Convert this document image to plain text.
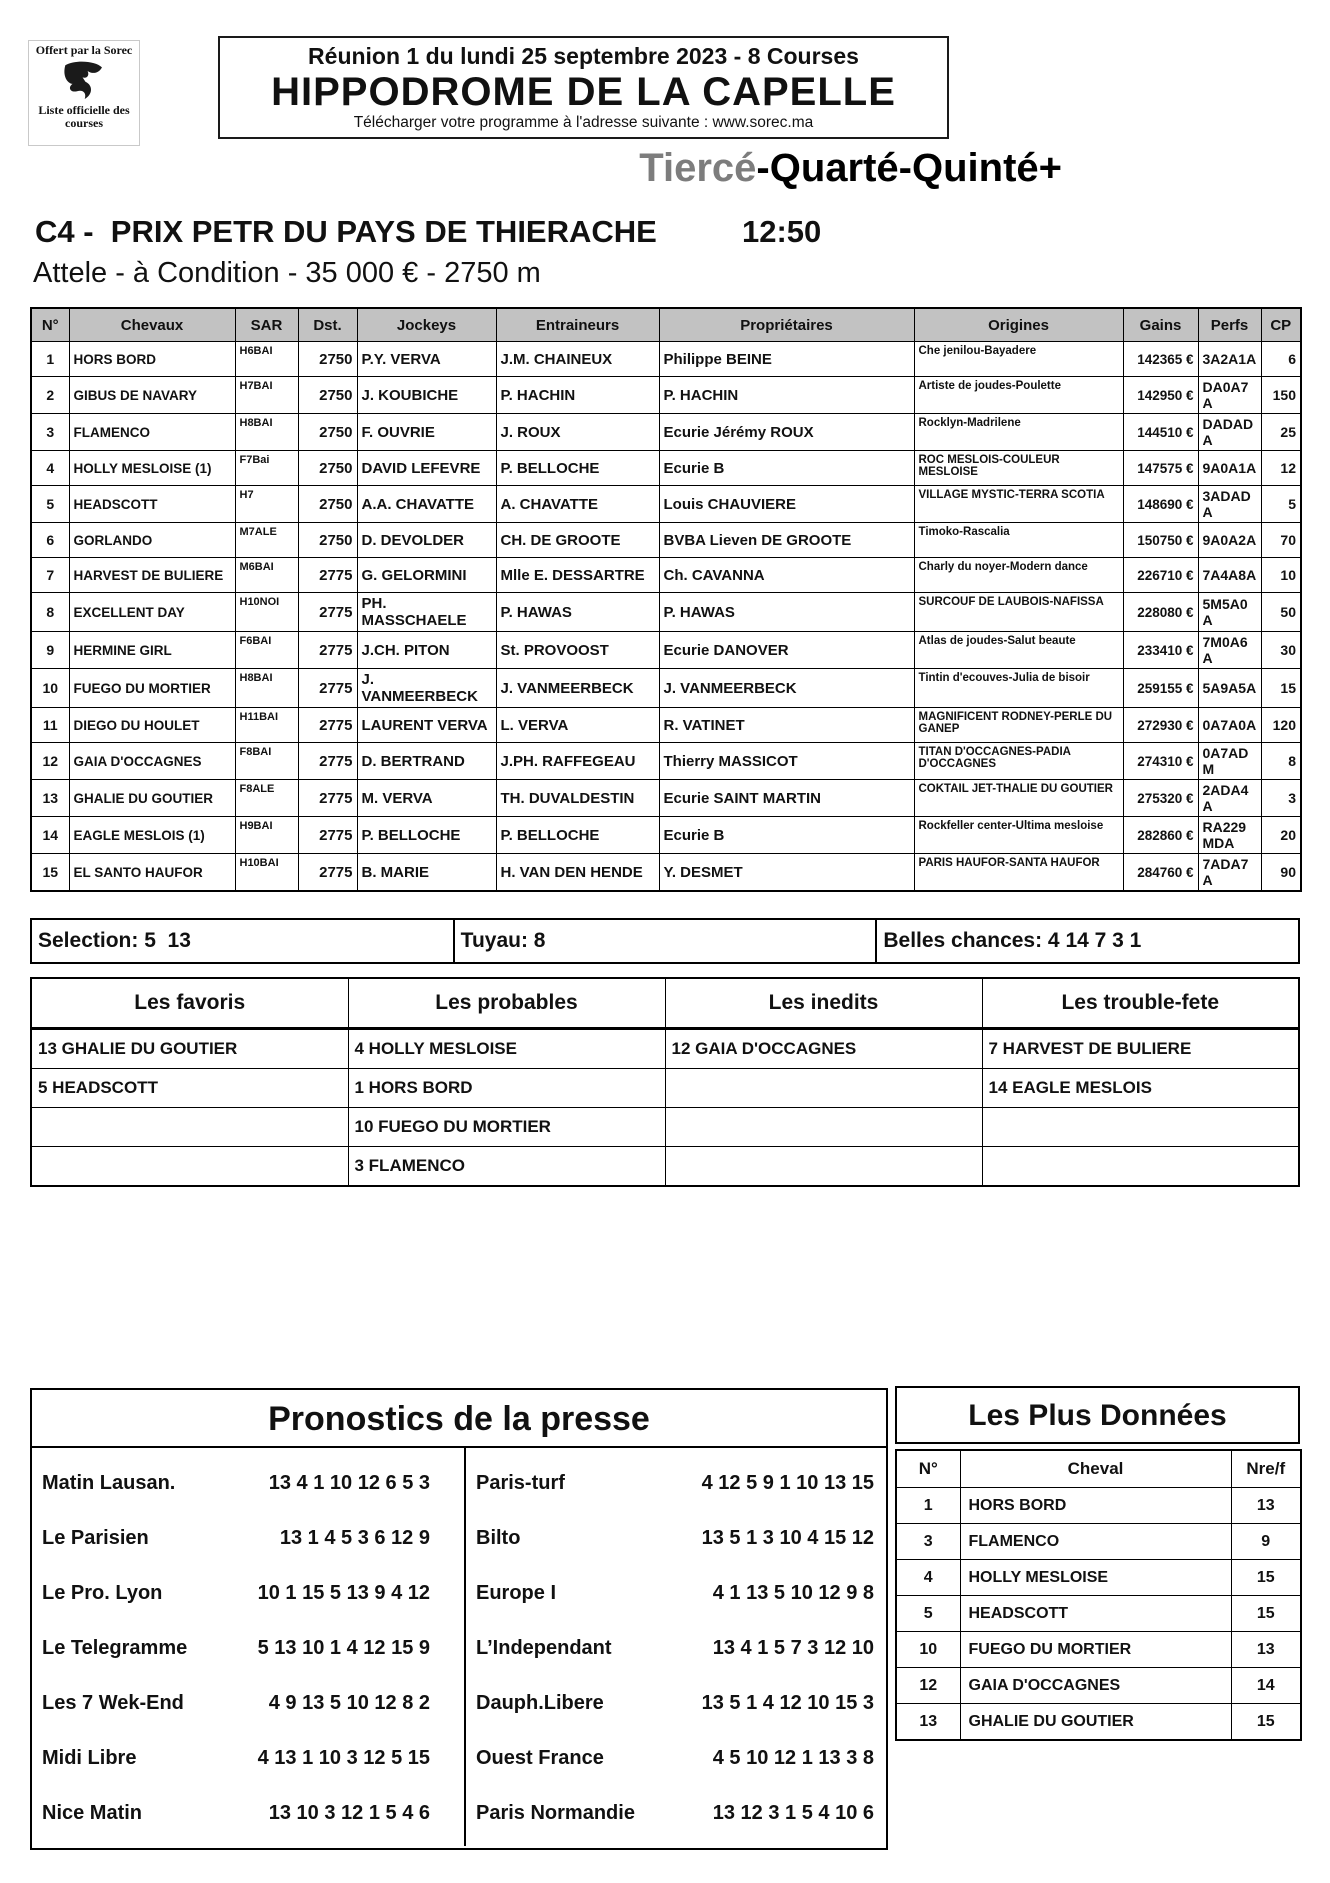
Offert par la Sorec
Liste officielle des courses
Réunion 1 du lundi 25 septembre 2023 - 8 Courses
HIPPODROME DE LA CAPELLE
Télécharger votre programme à l'adresse suivante : www.sorec.ma
Tiercé-Quarté-Quinté+
C4 -  PRIX PETR DU PAYS DE THIERACHE	12:50
Attele - à Condition - 35 000 € - 2750 m
N°	Chevaux	SAR	Dst.	Jockeys	Entraineurs	Propriétaires	Origines	Gains	Perfs	CP
1	HORS BORD	H6BAI	2750	P.Y. VERVA	J.M. CHAINEUX	Philippe BEINE	Che jenilou-Bayadere	142365 €	3A2A1A	6
2	GIBUS DE NAVARY	H7BAI	2750	J. KOUBICHE	P. HACHIN	P. HACHIN	Artiste de joudes-Poulette	142950 €	DA0A7A	150
3	FLAMENCO	H8BAI	2750	F. OUVRIE	J. ROUX	Ecurie Jérémy ROUX	Rocklyn-Madrilene	144510 €	DADADA	25
4	HOLLY MESLOISE (1)	F7Bai	2750	DAVID LEFEVRE	P. BELLOCHE	Ecurie B	ROC MESLOIS-COULEUR MESLOISE	147575 €	9A0A1A	12
5	HEADSCOTT	H7	2750	A.A. CHAVATTE	A. CHAVATTE	Louis CHAUVIERE	VILLAGE MYSTIC-TERRA SCOTIA	148690 €	3ADADA	5
6	GORLANDO	M7ALE	2750	D. DEVOLDER	CH. DE GROOTE	BVBA Lieven DE GROOTE	Timoko-Rascalia	150750 €	9A0A2A	70
7	HARVEST DE BULIERE	M6BAI	2775	G. GELORMINI	Mlle E. DESSARTRE	Ch. CAVANNA	Charly du noyer-Modern dance	226710 €	7A4A8A	10
8	EXCELLENT DAY	H10NOI	2775	PH. MASSCHAELE	P. HAWAS	P. HAWAS	SURCOUF DE LAUBOIS-NAFISSA	228080 €	5M5A0A	50
9	HERMINE GIRL	F6BAI	2775	J.CH. PITON	St. PROVOOST	Ecurie DANOVER	Atlas de joudes-Salut beaute	233410 €	7M0A6A	30
10	FUEGO DU MORTIER	H8BAI	2775	J. VANMEERBECK	J. VANMEERBECK	J. VANMEERBECK	Tintin d'ecouves-Julia de bisoir	259155 €	5A9A5A	15
11	DIEGO DU HOULET	H11BAI	2775	LAURENT VERVA	L. VERVA	R. VATINET	MAGNIFICENT RODNEY-PERLE DU GANEP	272930 €	0A7A0A	120
12	GAIA D'OCCAGNES	F8BAI	2775	D. BERTRAND	J.PH. RAFFEGEAU	Thierry MASSICOT	TITAN D'OCCAGNES-PADIA D'OCCAGNES	274310 €	0A7ADM	8
13	GHALIE DU GOUTIER	F8ALE	2775	M. VERVA	TH. DUVALDESTIN	Ecurie SAINT MARTIN	COKTAIL JET-THALIE DU GOUTIER	275320 €	2ADA4A	3
14	EAGLE MESLOIS (1)	H9BAI	2775	P. BELLOCHE	P. BELLOCHE	Ecurie B	Rockfeller center-Ultima mesloise	282860 €	RA229MDA	20
15	EL SANTO HAUFOR	H10BAI	2775	B. MARIE	H. VAN DEN HENDE	Y. DESMET	PARIS HAUFOR-SANTA HAUFOR	284760 €	7ADA7A	90
Selection: 5  13	Tuyau: 8	Belles chances: 4 14 7 3 1
Les favoris	Les probables	Les inedits	Les trouble-fete
13 GHALIE DU GOUTIER	4 HOLLY MESLOISE	12 GAIA D'OCCAGNES	7 HARVEST DE BULIERE
5 HEADSCOTT	1 HORS BORD		14 EAGLE MESLOIS
	10 FUEGO DU MORTIER		
	3 FLAMENCO		
Pronostics de la presse
Matin Lausan.	13 4 1 10 12 6 5 3
Le Parisien	13 1 4 5 3 6 12 9
Le Pro. Lyon	10 1 15 5 13 9 4 12
Le Telegramme	5 13 10 1 4 12 15 9
Les 7 Wek-End	4 9 13 5 10 12 8 2
Midi Libre	4 13 1 10 3 12 5 15
Nice Matin	13 10 3 12 1 5 4 6
Paris-turf	4 12 5 9 1 10 13 15
Bilto	13 5 1 3 10 4 15 12
Europe I	4 1 13 5 10 12 9 8
L’Independant	13 4 1 5 7 3 12 10
Dauph.Libere	13 5 1 4 12 10 15 3
Ouest France	4 5 10 12 1 13 3 8
Paris Normandie	13 12 3 1 5 4 10 6
Les Plus Données
N°	Cheval	Nre/f
1	HORS BORD	13
3	FLAMENCO	9
4	HOLLY MESLOISE	15
5	HEADSCOTT	15
10	FUEGO DU MORTIER	13
12	GAIA D'OCCAGNES	14
13	GHALIE DU GOUTIER	15
